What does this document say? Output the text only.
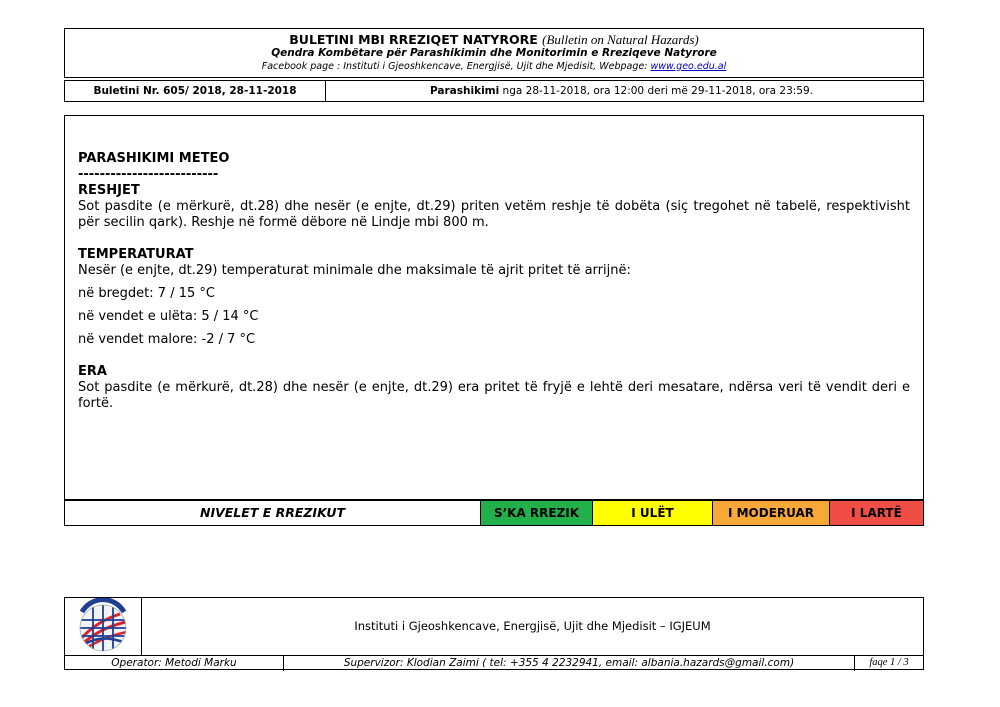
BULETINI MBI RREZIQET NATYRORE (Bulletin on Natural Hazards)
Qendra Kombëtare për Parashikimin dhe Monitorimin e Rreziqeve Natyrore
Facebook page : Instituti i Gjeoshkencave, Energjisë, Ujit dhe Mjedisit, Webpage: www.geo.edu.al
Buletini Nr. 605/ 2018, 28-11-2018	Parashikimi nga 28-11-2018, ora 12:00 deri më 29-11-2018, ora 23:59.
PARASHIKIMI METEO
--------------------------
RESHJET
Sot pasdite (e mërkurë, dt.28) dhe nesër (e enjte, dt.29) priten vetëm reshje të dobëta (siç tregohet në tabelë, respektivisht për secilin qark). Reshje në formë dëbore në Lindje mbi 800 m.
TEMPERATURAT
Nesër (e enjte, dt.29) temperaturat minimale dhe maksimale të ajrit pritet të arrijnë:
në bregdet: 7 / 15 °C
në vendet e ulëta: 5 / 14 °C
në vendet malore: -2 / 7 °C
ERA
Sot pasdite (e mërkurë, dt.28) dhe nesër (e enjte, dt.29) era pritet të fryjë e lehtë deri mesatare, ndërsa veri të vendit deri e fortë.
NIVELET E RREZIKUT	S’KA RREZIK	I ULËT	I MODERUAR	I LARTË
Instituti i Gjeoshkencave, Energjisë, Ujit dhe Mjedisit – IGJEUM
Operator: Metodi Marku	Supervizor: Klodian Zaimi ( tel: +355 4 2232941, email: albania.hazards@gmail.com)	faqe 1 / 3
